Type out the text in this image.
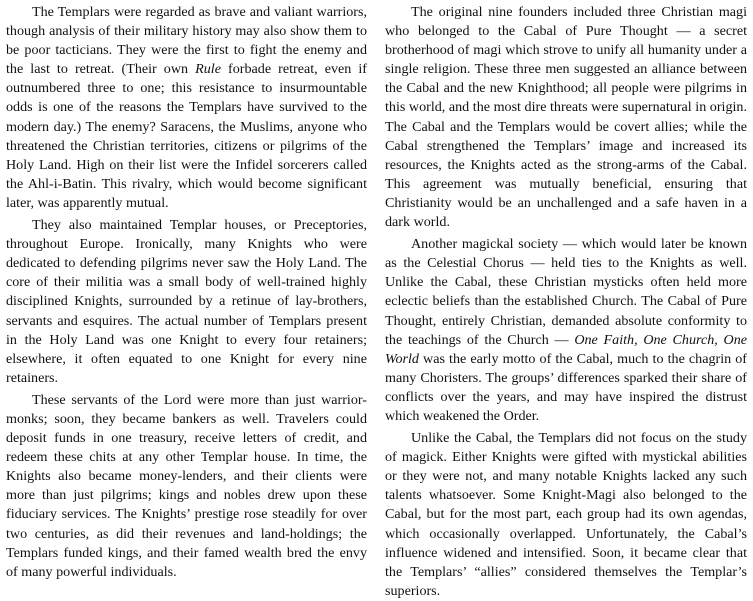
The Templars were regarded as brave and valiant warriors, though analysis of their military history may also show them to be poor tacticians. They were the first to fight the enemy and the last to retreat. (Their own Rule forbade retreat, even if outnumbered three to one; this resistance to insurmountable odds is one of the reasons the Templars have survived to the modern day.) The enemy? Saracens, the Muslims, anyone who threatened the Christian territories, citizens or pilgrims of the Holy Land. High on their list were the Infidel sorcerers called the Ahl-i-Batin. This rivalry, which would become significant later, was apparently mutual.

They also maintained Templar houses, or Preceptories, throughout Europe. Ironically, many Knights who were dedicated to defending pilgrims never saw the Holy Land. The core of their militia was a small body of well-trained highly disciplined Knights, surrounded by a retinue of lay-brothers, servants and esquires. The actual number of Templars present in the Holy Land was one Knight to every four retainers; elsewhere, it often equated to one Knight for every nine retainers.

These servants of the Lord were more than just warrior-monks; soon, they became bankers as well. Travelers could deposit funds in one treasury, receive letters of credit, and redeem these chits at any other Templar house. In time, the Knights also became money-lenders, and their clients were more than just pilgrims; kings and nobles drew upon these fiduciary services. The Knights’ prestige rose steadily for over two centuries, as did their revenues and land-holdings; the Templars funded kings, and their famed wealth bred the envy of many powerful individuals.

The original nine founders included three Christian magi who belonged to the Cabal of Pure Thought — a secret brotherhood of magi which strove to unify all humanity under a single religion. These three men suggested an alliance between the Cabal and the new Knighthood; all people were pilgrims in this world, and the most dire threats were supernatural in origin. The Cabal and the Templars would be covert allies; while the Cabal strengthened the Templars’ image and increased its resources, the Knights acted as the strong-arms of the Cabal. This agreement was mutually beneficial, ensuring that Christianity would be an unchallenged and a safe haven in a dark world.

Another magickal society — which would later be known as the Celestial Chorus — held ties to the Knights as well. Unlike the Cabal, these Christian mysticks often held more eclectic beliefs than the established Church. The Cabal of Pure Thought, entirely Christian, demanded absolute conformity to the teachings of the Church — One Faith, One Church, One World was the early motto of the Cabal, much to the chagrin of many Choristers. The groups’ differences sparked their share of conflicts over the years, and may have inspired the distrust which weakened the Order.

Unlike the Cabal, the Templars did not focus on the study of magick. Either Knights were gifted with mystickal abilities or they were not, and many notable Knights lacked any such talents whatsoever. Some Knight-Magi also belonged to the Cabal, but for the most part, each group had its own agendas, which occasionally overlapped. Unfortunately, the Cabal’s influence widened and intensified. Soon, it became clear that the Templars’ “allies” considered themselves the Templar’s superiors.
